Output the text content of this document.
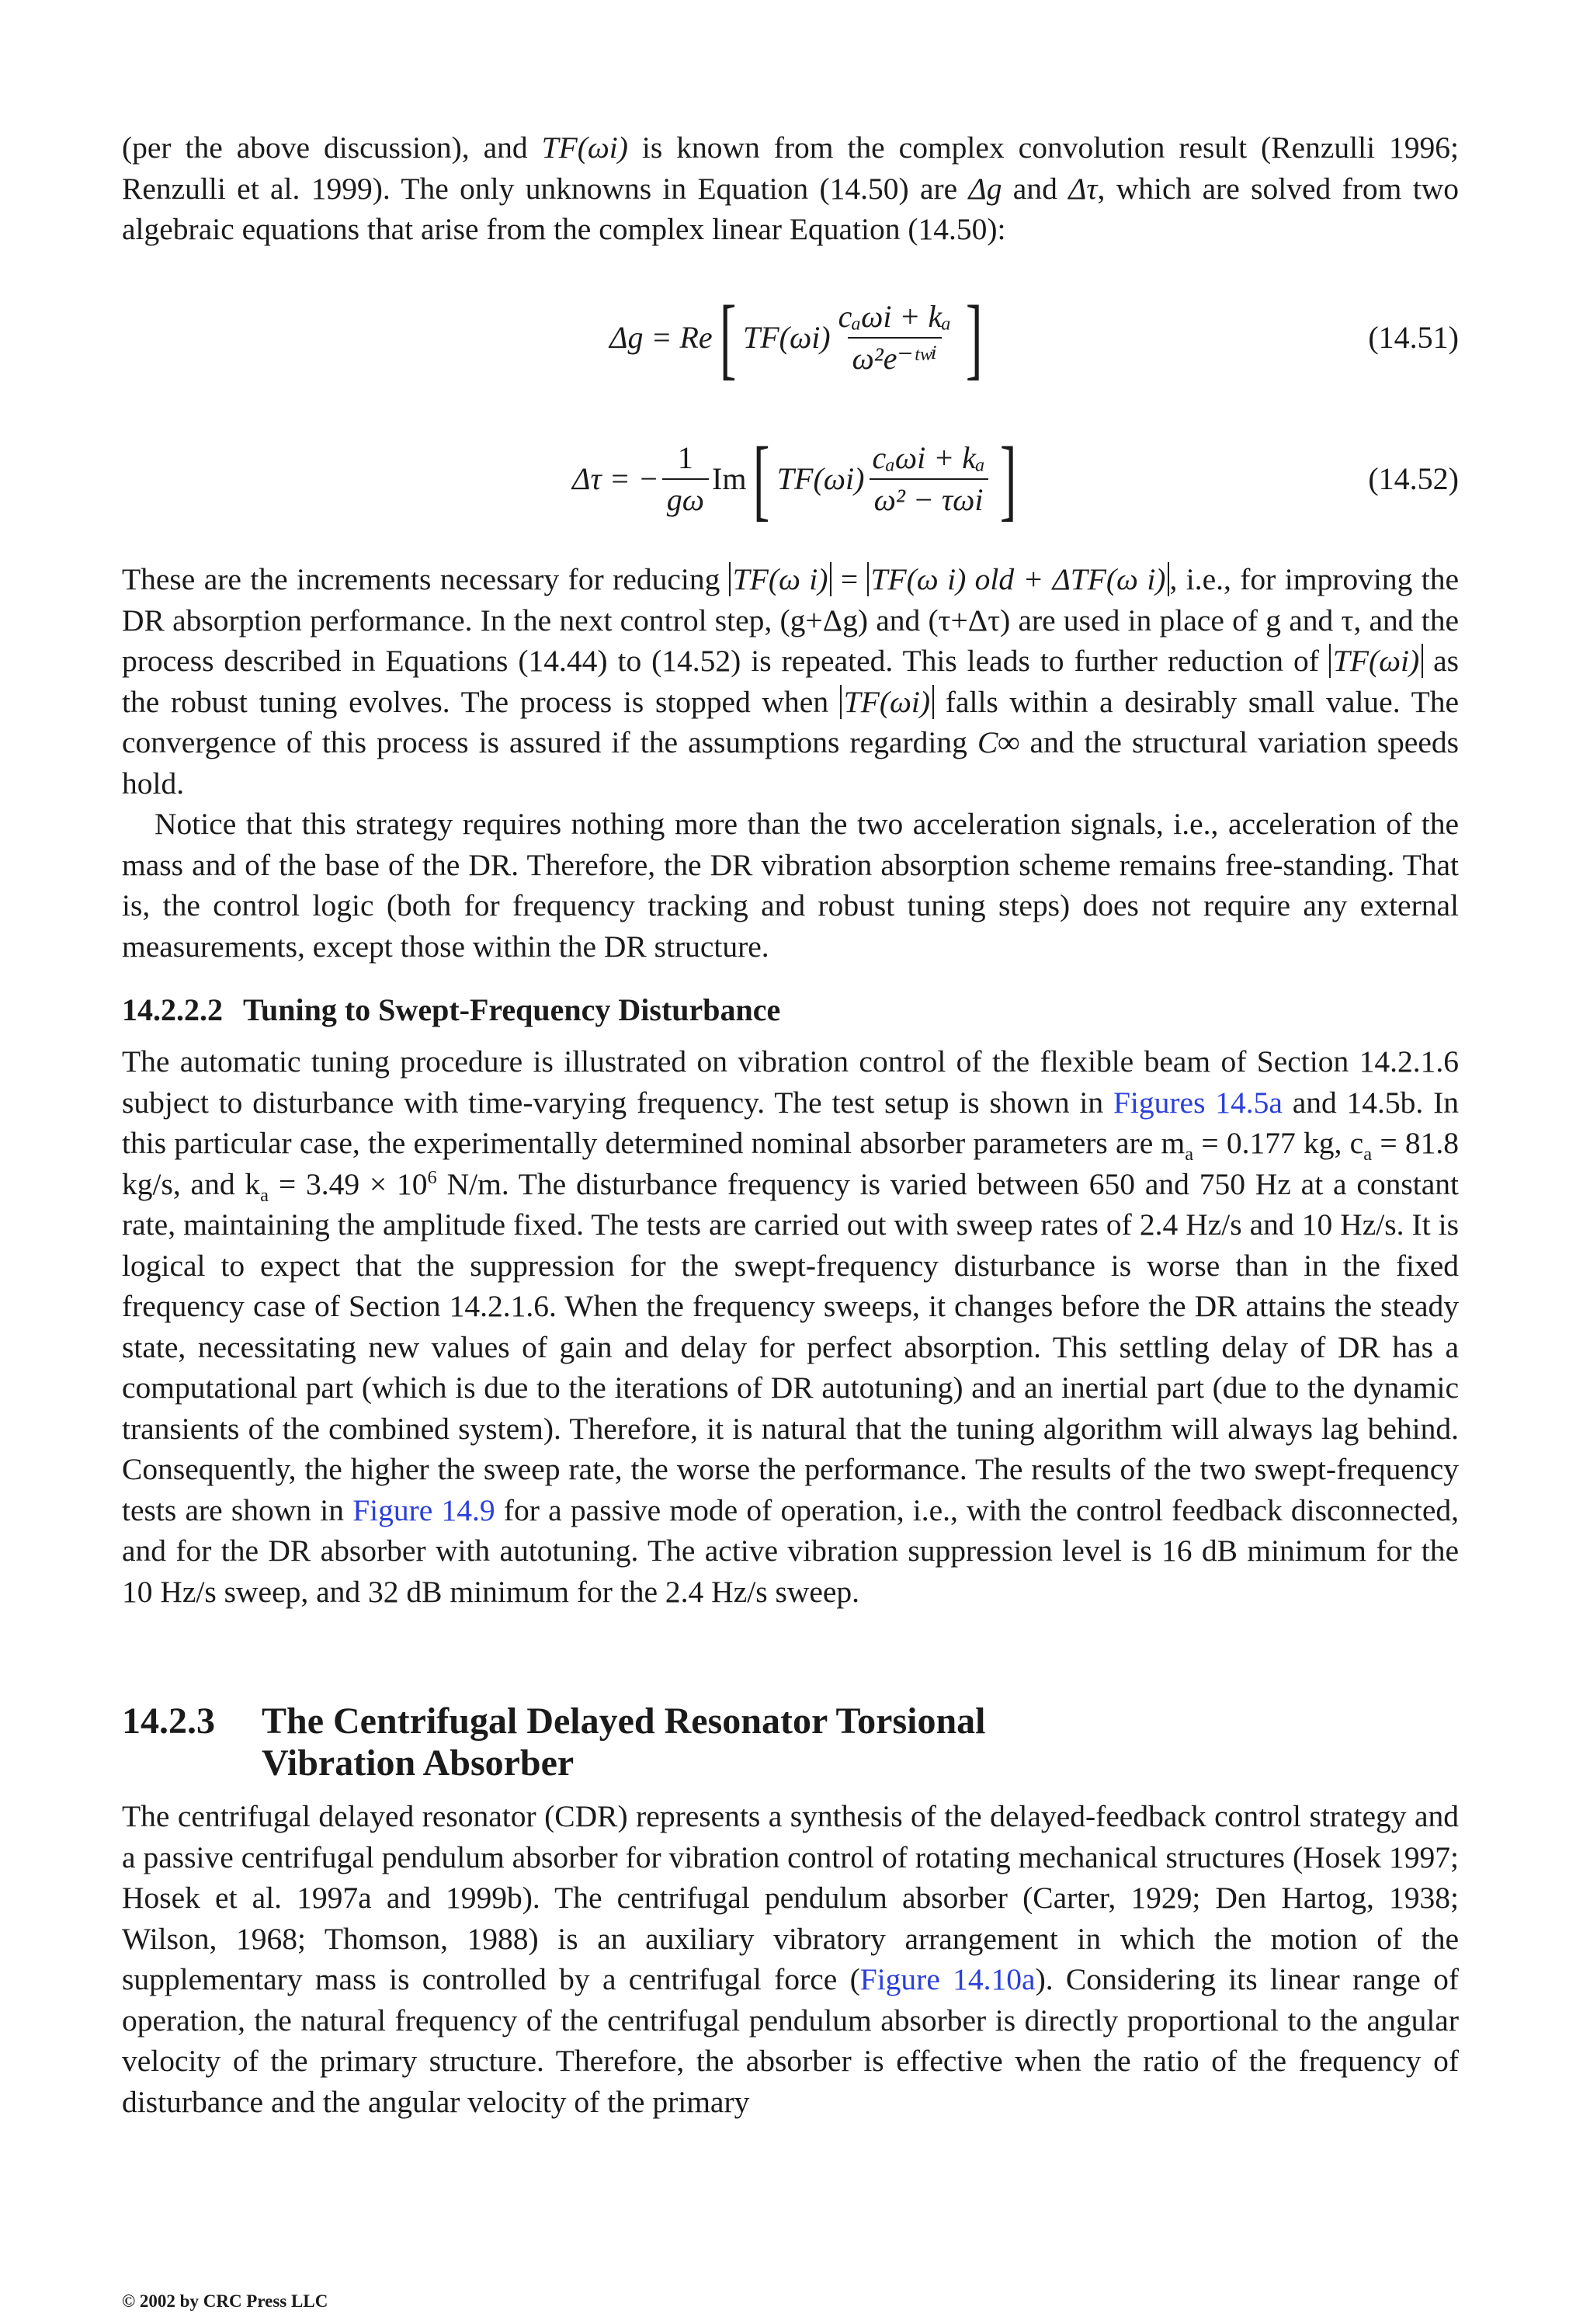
(per the above discussion), and TF(ωi) is known from the complex convolution result (Renzulli 1996; Renzulli et al. 1999). The only unknowns in Equation (14.50) are Δg and Δτ, which are solved from two algebraic equations that arise from the complex linear Equation (14.50):

Δg = Re [ $TF(\omega i) \frac{\text{cₐωi + kₐ}}{\text{ω²e⁻ᵗʷⁱ}}$ ]	(14.51)
Δτ = − $\frac{1}{g\omega}$ Im [ $TF(\omega i) \frac{\text{cₐωi + kₐ}}{\text{ω² − τωi}}$ ]	(14.52)

These are the increments necessary for reducing TF(ω i) = TF(ω i) old + ΔTF(ω i) , i.e., for improving the DR absorption performance. In the next control step, (g+Δg) and (τ+Δτ) are used in place of g and τ, and the process described in Equations (14.44) to (14.52) is repeated. This leads to further reduction of TF(ωi) as the robust tuning evolves. The process is stopped when TF(ωi) falls within a desirably small value. The convergence of this process is assured if the assumptions regarding C∞ and the structural variation speeds hold.

Notice that this strategy requires nothing more than the two acceleration signals, i.e., acceleration of the mass and of the base of the DR. Therefore, the DR vibration absorption scheme remains free-standing. That is, the control logic (both for frequency tracking and robust tuning steps) does not require any external measurements, except those within the DR structure.

14.2.2.2 Tuning to Swept-Frequency Disturbance

The automatic tuning procedure is illustrated on vibration control of the flexible beam of Section 14.2.1.6 subject to disturbance with time-varying frequency. The test setup is shown in Figures 14.5a and 14.5b. In this particular case, the experimentally determined nominal absorber parameters are $m_a = 0.177$ kg, $c_a = 81.8$ kg/s, and $k_a = 3.49 \times 10^6$ N/m. The disturbance frequency is varied between 650 and 750 Hz at a constant rate, maintaining the amplitude fixed. The tests are carried out with sweep rates of 2.4 Hz/s and 10 Hz/s. It is logical to expect that the suppression for the swept-frequency disturbance is worse than in the fixed frequency case of Section 14.2.1.6. When the frequency sweeps, it changes before the DR attains the steady state, necessitating new values of gain and delay for perfect absorption. This settling delay of DR has a computational part (which is due to the iterations of DR autotuning) and an inertial part (due to the dynamic transients of the combined system). Therefore, it is natural that the tuning algorithm will always lag behind. Consequently, the higher the sweep rate, the worse the performance. The results of the two swept-frequency tests are shown in Figure 14.9 for a passive mode of operation, i.e., with the control feedback disconnected, and for the DR absorber with autotuning. The active vibration suppression level is 16 dB minimum for the 10 Hz/s sweep, and 32 dB minimum for the 2.4 Hz/s sweep.

14.2.3 The Centrifugal Delayed Resonator Torsional
Vibration Absorber

The centrifugal delayed resonator (CDR) represents a synthesis of the delayed-feedback control strategy and a passive centrifugal pendulum absorber for vibration control of rotating mechanical structures (Hosek 1997; Hosek et al. 1997a and 1999b). The centrifugal pendulum absorber (Carter, 1929; Den Hartog, 1938; Wilson, 1968; Thomson, 1988) is an auxiliary vibratory arrangement in which the motion of the supplementary mass is controlled by a centrifugal force (Figure 14.10a). Considering its linear range of operation, the natural frequency of the centrifugal pendulum absorber is directly proportional to the angular velocity of the primary structure. Therefore, the absorber is effective when the ratio of the frequency of disturbance and the angular velocity of the primary

© 2002 by CRC Press LLC
